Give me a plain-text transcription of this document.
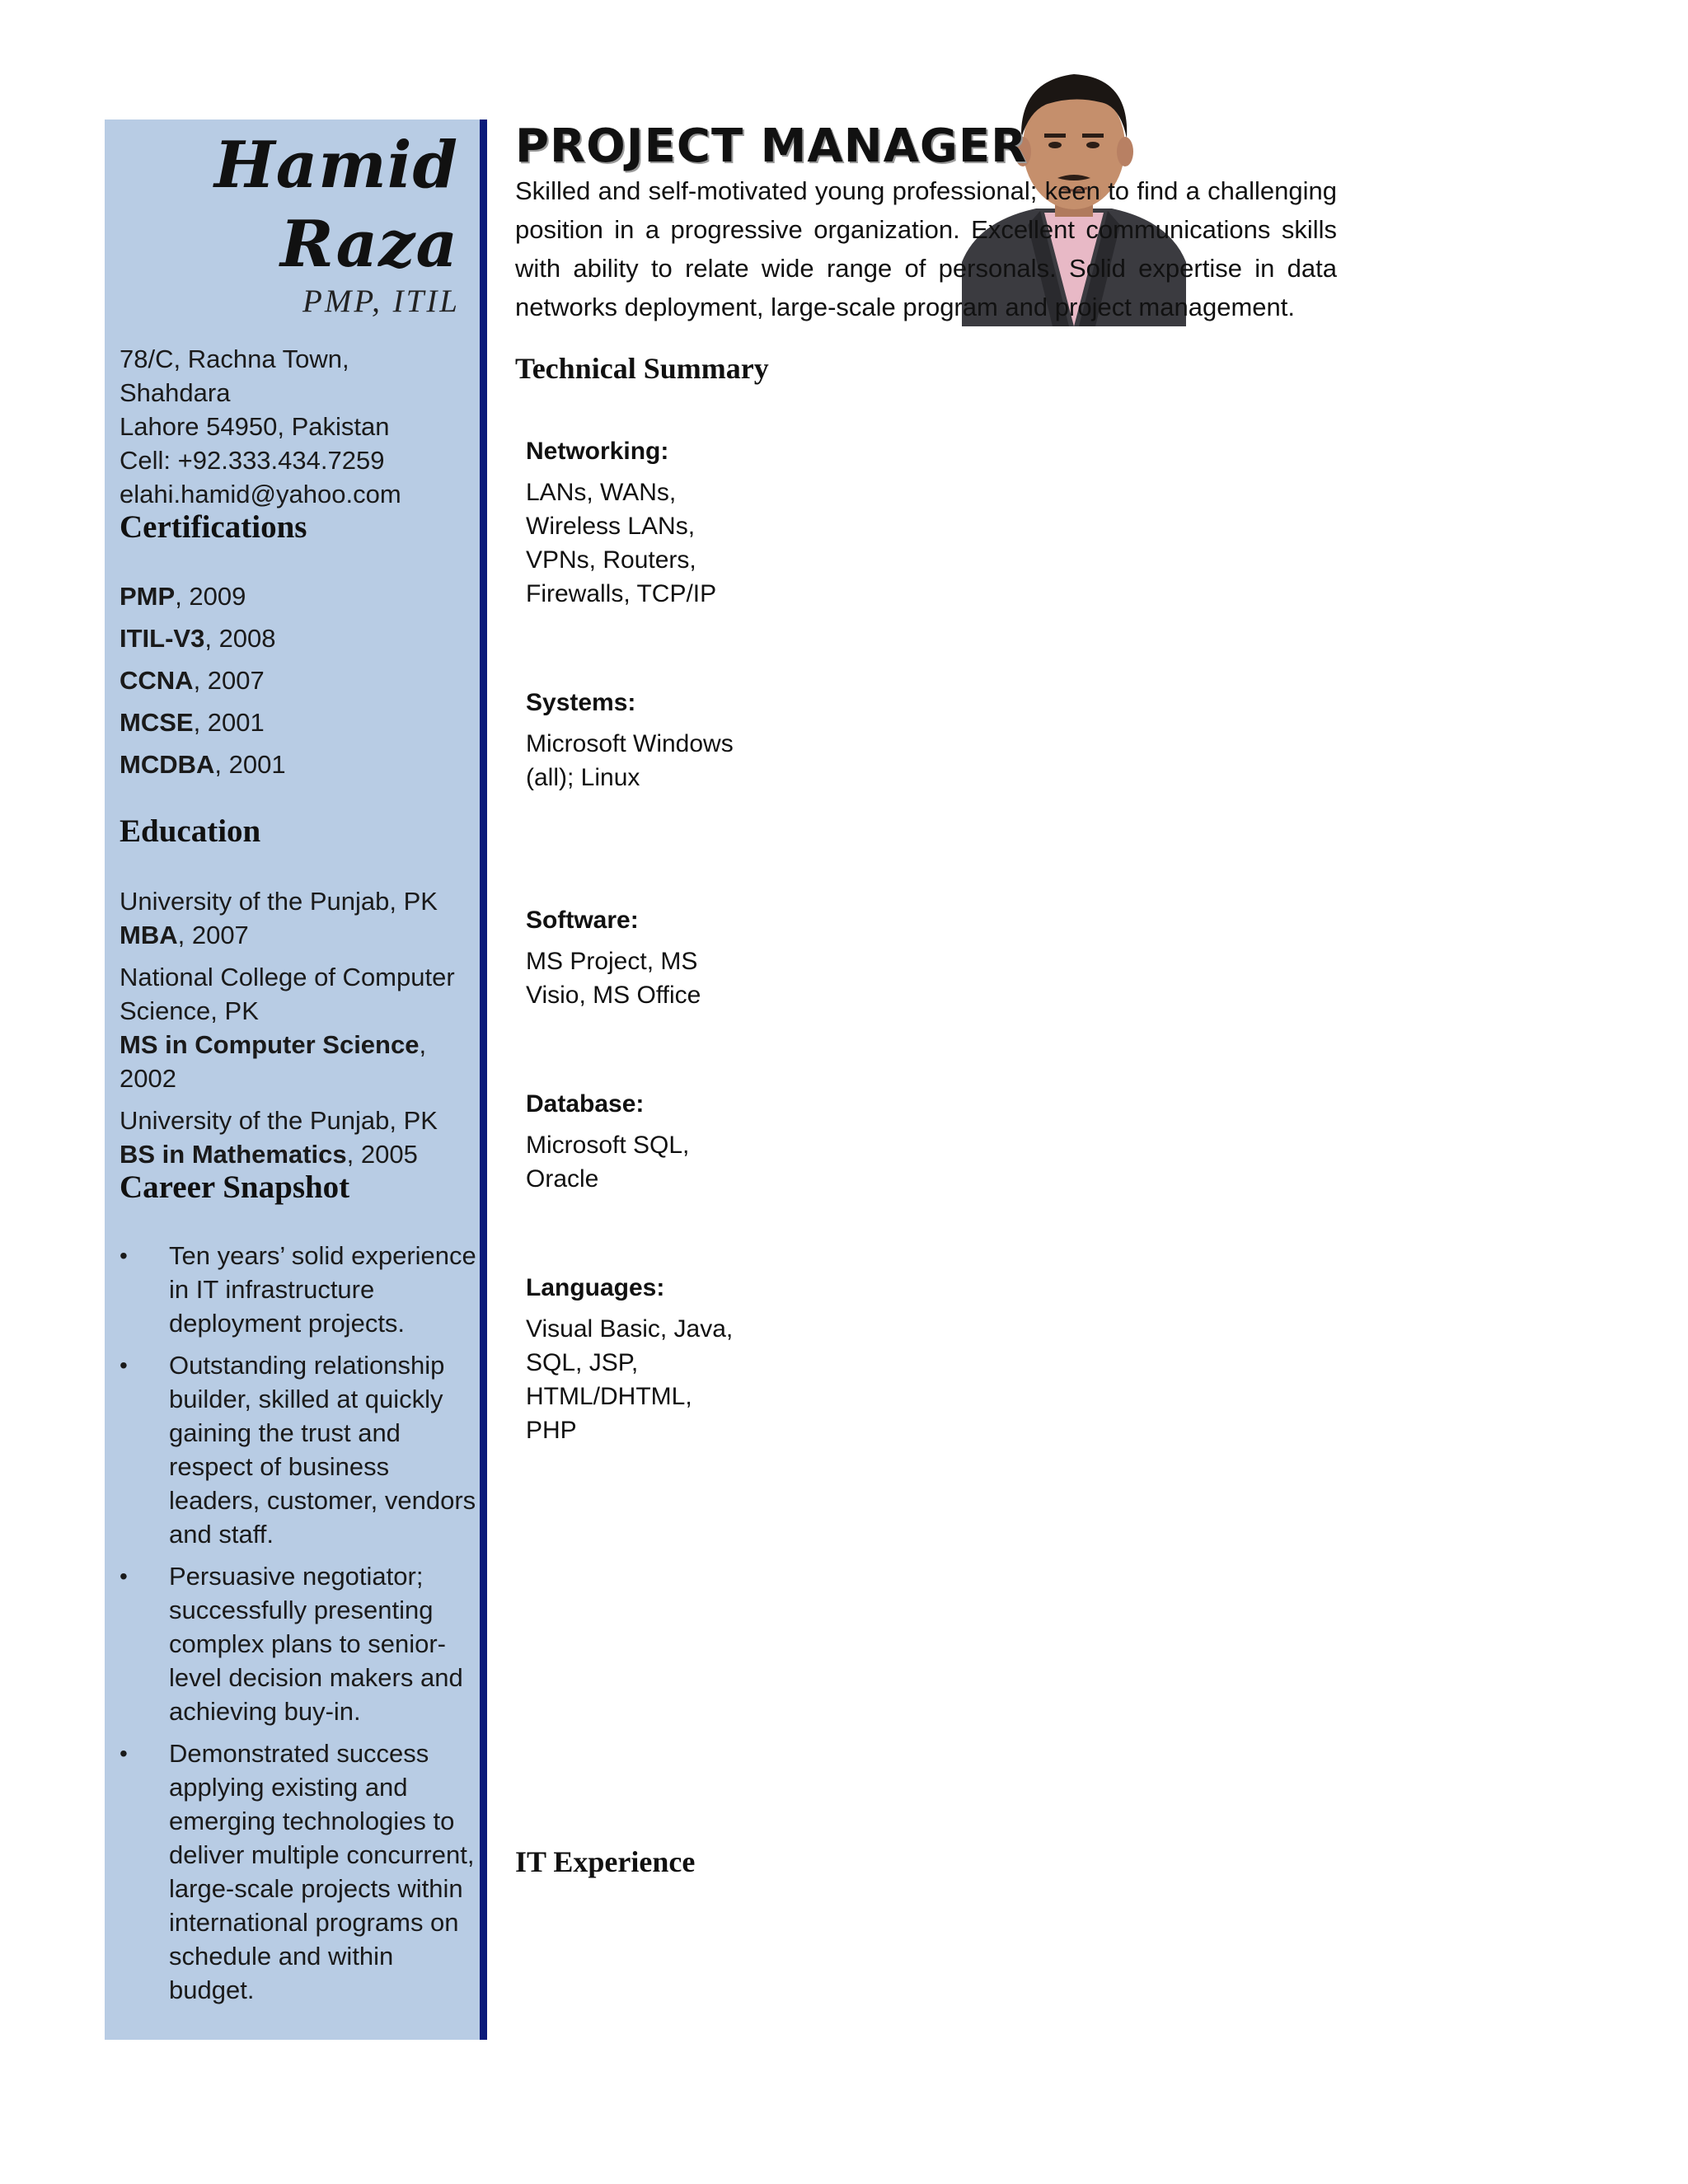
Hamid
Raza
PMP, ITIL
78/C, Rachna Town, Shahdara
Lahore 54950, Pakistan
Cell: +92.333.434.7259
elahi.hamid@yahoo.com
Certifications
PMP, 2009
ITIL-V3, 2008
CCNA, 2007
MCSE, 2001
MCDBA, 2001
Education
University of the Punjab, PK
MBA, 2007
National College of Computer Science, PK
MS in Computer Science, 2002
University of the Punjab, PK
BS in Mathematics, 2005
Career Snapshot
• Ten years’ solid experience in IT infrastructure deployment projects.
• Outstanding relationship builder, skilled at quickly gaining the trust and respect of business leaders, customer, vendors and staff.
• Persuasive negotiator; successfully presenting complex plans to senior-level decision makers and achieving buy-in.
• Demonstrated success applying existing and emerging technologies to deliver multiple concurrent, large-scale projects within international programs on schedule and within budget.
PROJECT MANAGER
Skilled and self-motivated young professional; keen to find a challenging position in a progressive organization. Excellent communications skills with ability to relate wide range of personals. Solid expertise in data networks deployment, large-scale program and project management.
Technical Summary
Networking:
LANs, WANs, Wireless LANs, VPNs, Routers, Firewalls, TCP/IP
Systems:
Microsoft Windows (all); Linux
Software:
MS Project, MS Visio, MS Office
Database:
Microsoft SQL, Oracle
Languages:
Visual Basic, Java, SQL, JSP, HTML/DHTML, PHP
IT Experience
